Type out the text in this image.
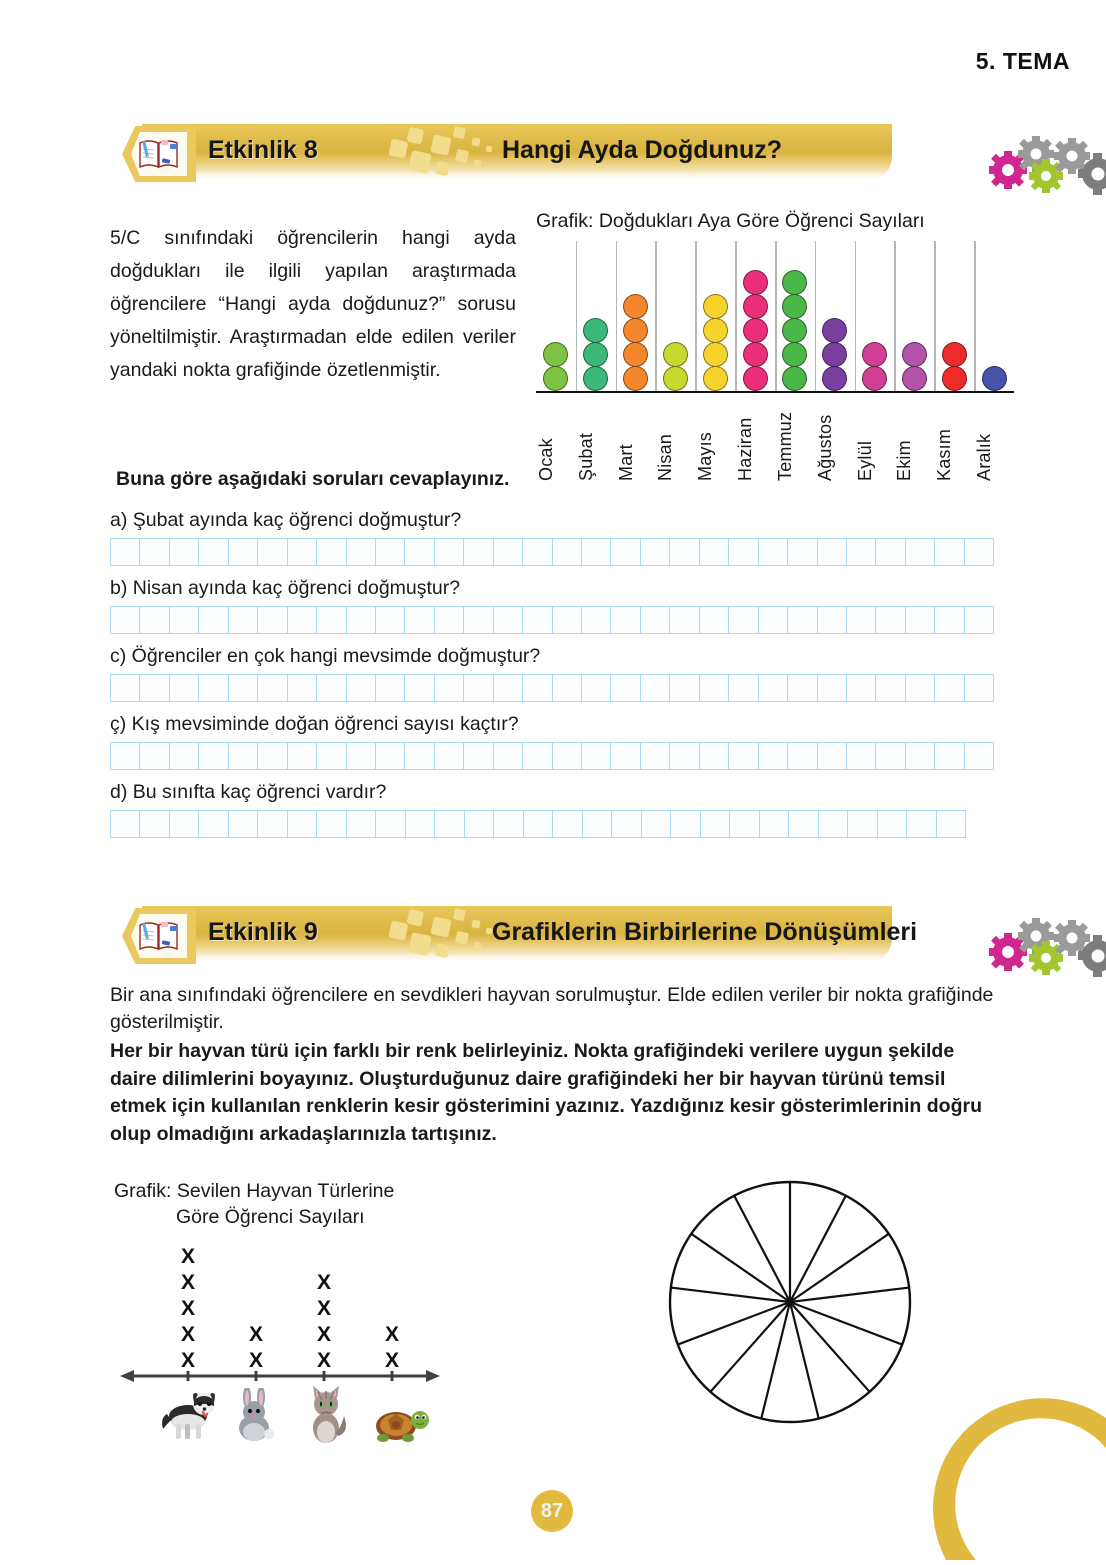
5. TEMA
Etkinlik 8	Hangi Ayda Doğdunuz?
5/C sınıfındaki öğrencilerin hangi ayda doğdukları ile ilgili yapılan araştırmada öğrencilere “Hangi ayda doğdunuz?” sorusu yöneltilmiştir. Araştırmadan elde edilen veriler yandaki nokta grafiğinde özetlenmiştir.
Grafik: Doğdukları Aya Göre Öğrenci Sayıları
Ocak	Şubat	Mart	Nisan	Mayıs	Haziran	Temmuz	Ağustos	Eylül	Ekim	Kasım	Aralık
Buna göre aşağıdaki soruları cevaplayınız.
a) Şubat ayında kaç öğrenci doğmuştur?
b) Nisan ayında kaç öğrenci doğmuştur?
c) Öğrenciler en çok hangi mevsimde doğmuştur?
ç) Kış mevsiminde doğan öğrenci sayısı kaçtır?
d) Bu sınıfta kaç öğrenci vardır?
Etkinlik 9	Grafiklerin Birbirlerine Dönüşümleri
Bir ana sınıfındaki öğrencilere en sevdikleri hayvan sorulmuştur. Elde edilen veriler bir nokta grafiğinde gösterilmiştir.
Her bir hayvan türü için farklı bir renk belirleyiniz. Nokta grafiğindeki verilere uygun şekilde daire dilimlerini boyayınız. Oluşturduğunuz daire grafiğindeki her bir hayvan türünü temsil etmek için kullanılan renklerin kesir gösterimini yazınız. Yazdığınız kesir gösterimlerinin doğru olup olmadığını arkadaşlarınızla tartışınız.
Grafik: Sevilen Hayvan Türlerine
Göre Öğrenci Sayıları
X
X
X
X
X
X
X
X
X
X
X
X
X
87
